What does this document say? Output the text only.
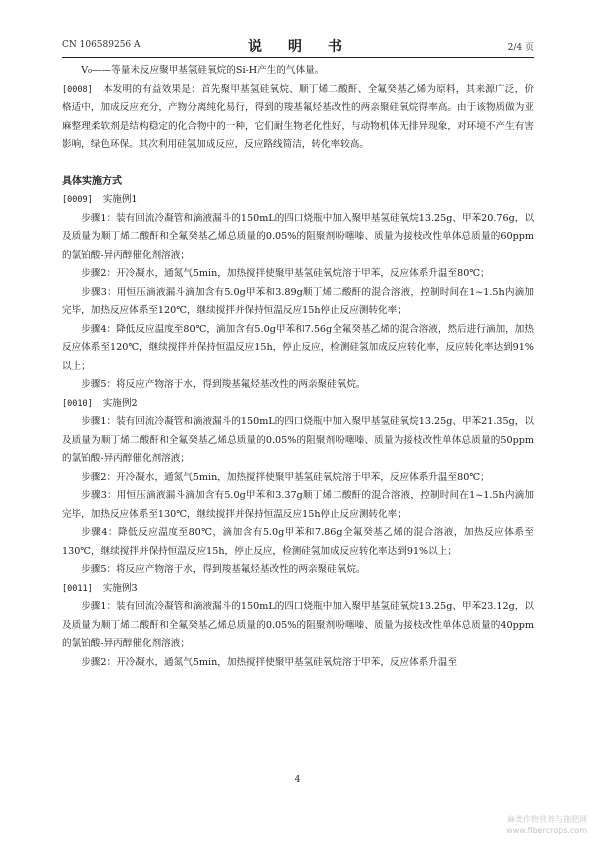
CN 106589256 A	说　明　书	2/4 页

V₀——等量未反应聚甲基氢硅氧烷的Si-H产生的气体量。

[0008] 本发明的有益效果是：首先聚甲基氢硅氧烷、顺丁烯二酸酐、全氟癸基乙烯为原料，其来源广泛，价格适中，加成反应充分，产物分离纯化易行，得到的羧基氟烃基改性的两亲聚硅氧烷得率高。由于该物质做为亚麻整理柔软剂是结构稳定的化合物中的一种，它们耐生物老化性好，与动物机体无排异现象，对环境不产生有害影响，绿色环保。其次利用硅氢加成反应，反应路线简洁，转化率较高。

具体实施方式

[0009] 实施例1

步骤1：装有回流冷凝管和滴液漏斗的150mL的四口烧瓶中加入聚甲基氢硅氧烷13.25g、甲苯20.76g，以及质量为顺丁烯二酸酐和全氟癸基乙烯总质量的0.05%的阻聚剂吩噻嗪、质量为接枝改性单体总质量的60ppm的氯铂酸-异丙醇催化剂溶液；

步骤2：开冷凝水，通氮气5min，加热搅拌使聚甲基氢硅氧烷溶于甲苯，反应体系升温至80℃；

步骤3：用恒压滴液漏斗滴加含有5.0g甲苯和3.89g顺丁烯二酸酐的混合溶液，控制时间在1~1.5h内滴加完毕，加热反应体系至120℃，继续搅拌并保持恒温反应15h停止反应测转化率；

步骤4：降低反应温度至80℃，滴加含有5.0g甲苯和7.56g全氟癸基乙烯的混合溶液，然后进行滴加，加热反应体系至120℃，继续搅拌并保持恒温反应15h，停止反应，检测硅氢加成反应转化率，反应转化率达到91%以上；

步骤5：将反应产物溶于水，得到羧基氟烃基改性的两亲聚硅氧烷。

[0010] 实施例2

步骤1：装有回流冷凝管和滴液漏斗的150mL的四口烧瓶中加入聚甲基氢硅氧烷13.25g、甲苯21.35g，以及质量为顺丁烯二酸酐和全氟癸基乙烯总质量的0.05%的阻聚剂吩噻嗪、质量为接枝改性单体总质量的50ppm的氯铂酸-异丙醇催化剂溶液；

步骤2：开冷凝水，通氮气5min，加热搅拌使聚甲基氢硅氧烷溶于甲苯，反应体系升温至80℃；

步骤3：用恒压滴液漏斗滴加含有5.0g甲苯和3.37g顺丁烯二酸酐的混合溶液，控制时间在1~1.5h内滴加完毕，加热反应体系至130℃，继续搅拌并保持恒温反应15h停止反应测转化率；

步骤4：降低反应温度至80℃，滴加含有5.0g甲苯和7.86g全氟癸基乙烯的混合溶液，加热反应体系至130℃，继续搅拌并保持恒温反应15h，停止反应，检测硅氢加成反应转化率达到91%以上；

步骤5：将反应产物溶于水，得到羧基氟烃基改性的两亲聚硅氧烷。

[0011] 实施例3

步骤1：装有回流冷凝管和滴液漏斗的150mL的四口烧瓶中加入聚甲基氢硅氧烷13.25g、甲苯23.12g，以及质量为顺丁烯二酸酐和全氟癸基乙烯总质量的0.05%的阻聚剂吩噻嗪、质量为接枝改性单体总质量的40ppm的氯铂酸-异丙醇催化剂溶液；

步骤2：开冷凝水，通氮气5min，加热搅拌使聚甲基氢硅氧烷溶于甲苯，反应体系升温至

4
麻类作物营养与施肥网
www.fibercrops.com
